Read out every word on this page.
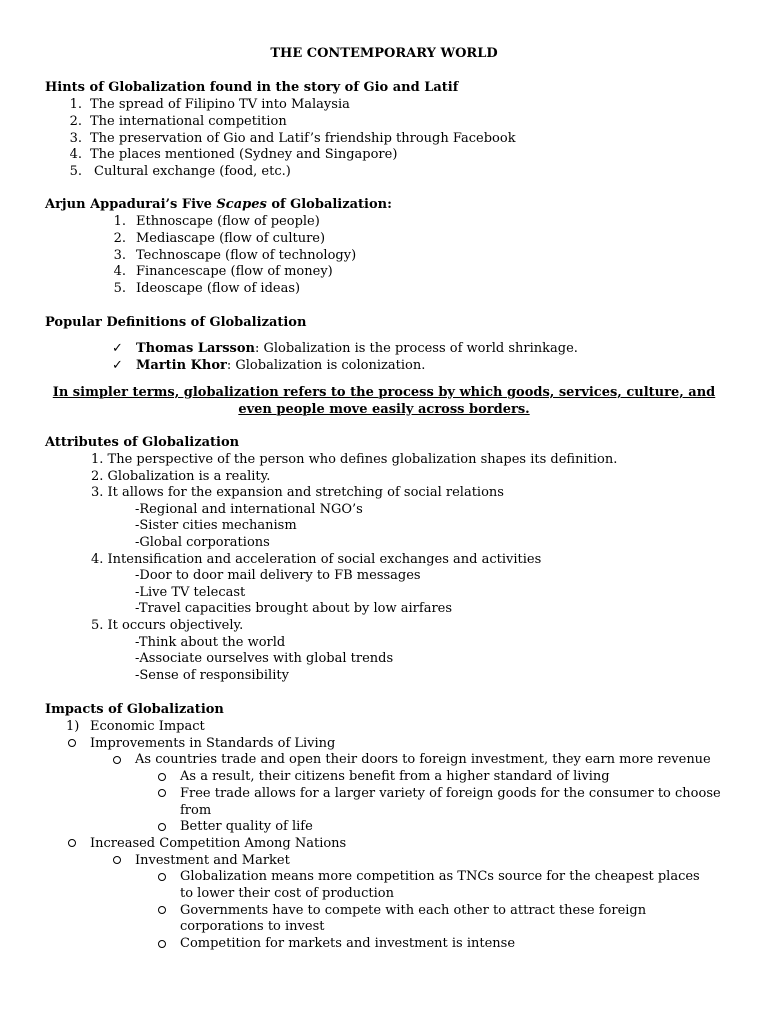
THE CONTEMPORARY WORLD
Hints of Globalization found in the story of Gio and Latif
1. The spread of Filipino TV into Malaysia
2. The international competition
3. The preservation of Gio and Latif’s friendship through Facebook
4. The places mentioned (Sydney and Singapore)
5. Cultural exchange (food, etc.)
Arjun Appadurai’s Five Scapes of Globalization:
1. Ethnoscape (flow of people)
2. Mediascape (flow of culture)
3. Technoscape (flow of technology)
4. Financescape (flow of money)
5. Ideoscape (flow of ideas)
Popular Definitions of Globalization
✓ Thomas Larsson: Globalization is the process of world shrinkage.
✓ Martin Khor: Globalization is colonization.
In simpler terms, globalization refers to the process by which goods, services, culture, and
even people move easily across borders.
Attributes of Globalization
1. The perspective of the person who defines globalization shapes its definition.
2. Globalization is a reality.
3. It allows for the expansion and stretching of social relations
-Regional and international NGO’s
-Sister cities mechanism
-Global corporations
4. Intensification and acceleration of social exchanges and activities
-Door to door mail delivery to FB messages
-Live TV telecast
-Travel capacities brought about by low airfares
5. It occurs objectively.
-Think about the world
-Associate ourselves with global trends
-Sense of responsibility
Impacts of Globalization
1) Economic Impact
Improvements in Standards of Living
As countries trade and open their doors to foreign investment, they earn more revenue
As a result, their citizens benefit from a higher standard of living
Free trade allows for a larger variety of foreign goods for the consumer to choose
from
Better quality of life
Increased Competition Among Nations
Investment and Market
Globalization means more competition as TNCs source for the cheapest places
to lower their cost of production
Governments have to compete with each other to attract these foreign
corporations to invest
Competition for markets and investment is intense
